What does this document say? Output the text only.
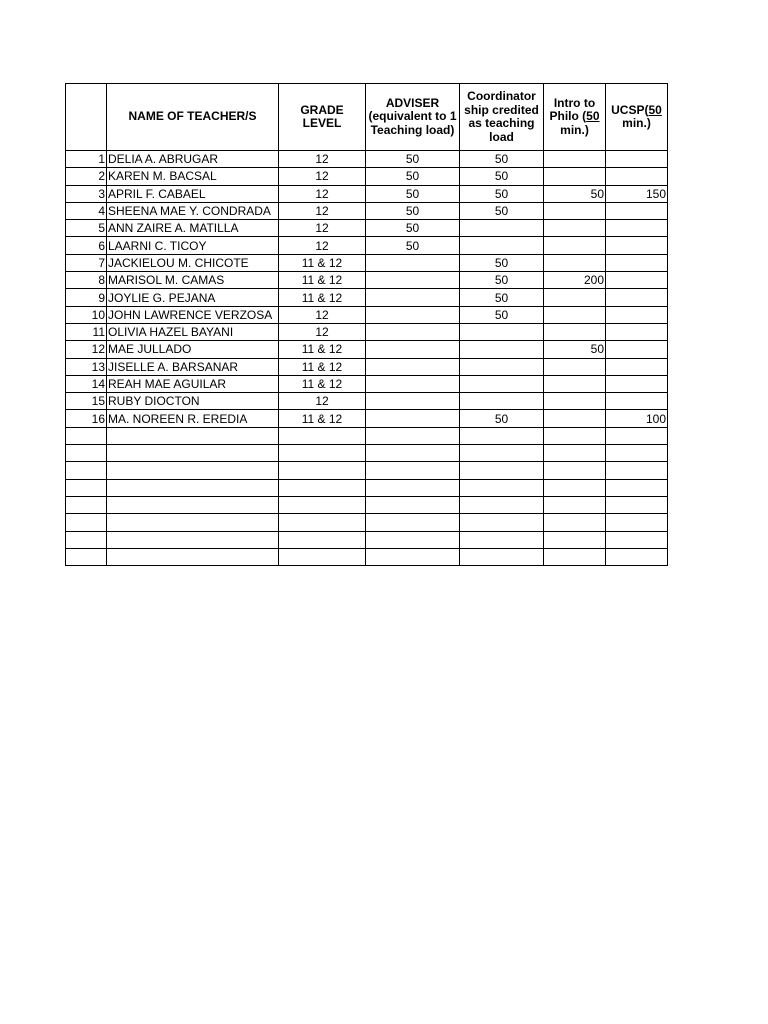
	NAME OF TEACHER/S	GRADE LEVEL	ADVISER (equivalent to 1 Teaching load)	Coordinator ship credited as teaching load	Intro to Philo (50 min.)	UCSP(50 min.)
1	DELIA A. ABRUGAR	12	50	50		
2	KAREN M. BACSAL	12	50	50		
3	APRIL F. CABAEL	12	50	50	50	150
4	SHEENA MAE Y. CONDRADA	12	50	50		
5	ANN ZAIRE A. MATILLA	12	50			
6	LAARNI C. TICOY	12	50			
7	JACKIELOU M. CHICOTE	11 & 12		50		
8	MARISOL M. CAMAS	11 & 12		50	200	
9	JOYLIE G. PEJANA	11 & 12		50		
10	JOHN LAWRENCE VERZOSA	12		50		
11	OLIVIA HAZEL BAYANI	12				
12	MAE JULLADO	11 & 12			50	
13	JISELLE A. BARSANAR	11 & 12				
14	REAH MAE AGUILAR	11 & 12				
15	RUBY DIOCTON	12				
16	MA. NOREEN R. EREDIA	11 & 12		50		100
